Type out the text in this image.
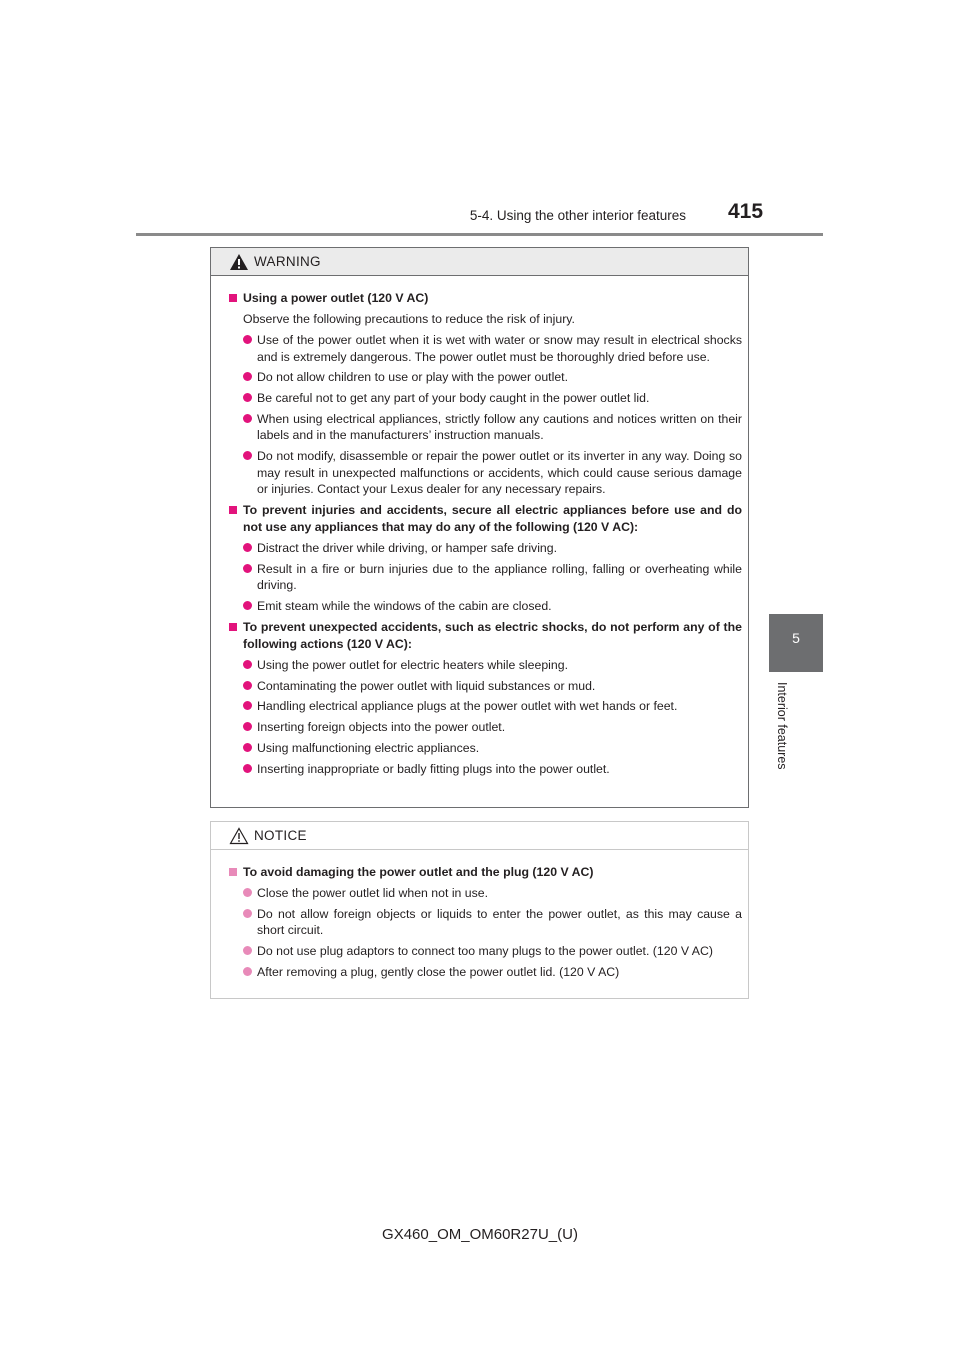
5-4. Using the other interior features 415
5
Interior features
WARNING
Using a power outlet (120 V AC)
Observe the following precautions to reduce the risk of injury.
Use of the power outlet when it is wet with water or snow may result in electrical shocks and is extremely dangerous. The power outlet must be thoroughly dried before use.
Do not allow children to use or play with the power outlet.
Be careful not to get any part of your body caught in the power outlet lid.
When using electrical appliances, strictly follow any cautions and notices written on their labels and in the manufacturers’ instruction manuals.
Do not modify, disassemble or repair the power outlet or its inverter in any way. Doing so may result in unexpected malfunctions or accidents, which could cause serious damage or injuries. Contact your Lexus dealer for any necessary repairs.
To prevent injuries and accidents, secure all electric appliances before use and do not use any appliances that may do any of the following (120 V AC):
Distract the driver while driving, or hamper safe driving.
Result in a fire or burn injuries due to the appliance rolling, falling or overheating while driving.
Emit steam while the windows of the cabin are closed.
To prevent unexpected accidents, such as electric shocks, do not perform any of the following actions (120 V AC):
Using the power outlet for electric heaters while sleeping.
Contaminating the power outlet with liquid substances or mud.
Handling electrical appliance plugs at the power outlet with wet hands or feet.
Inserting foreign objects into the power outlet.
Using malfunctioning electric appliances.
Inserting inappropriate or badly fitting plugs into the power outlet.
NOTICE
To avoid damaging the power outlet and the plug (120 V AC)
Close the power outlet lid when not in use.
Do not allow foreign objects or liquids to enter the power outlet, as this may cause a short circuit.
Do not use plug adaptors to connect too many plugs to the power outlet. (120 V AC)
After removing a plug, gently close the power outlet lid. (120 V AC)
GX460_OM_OM60R27U_(U)
